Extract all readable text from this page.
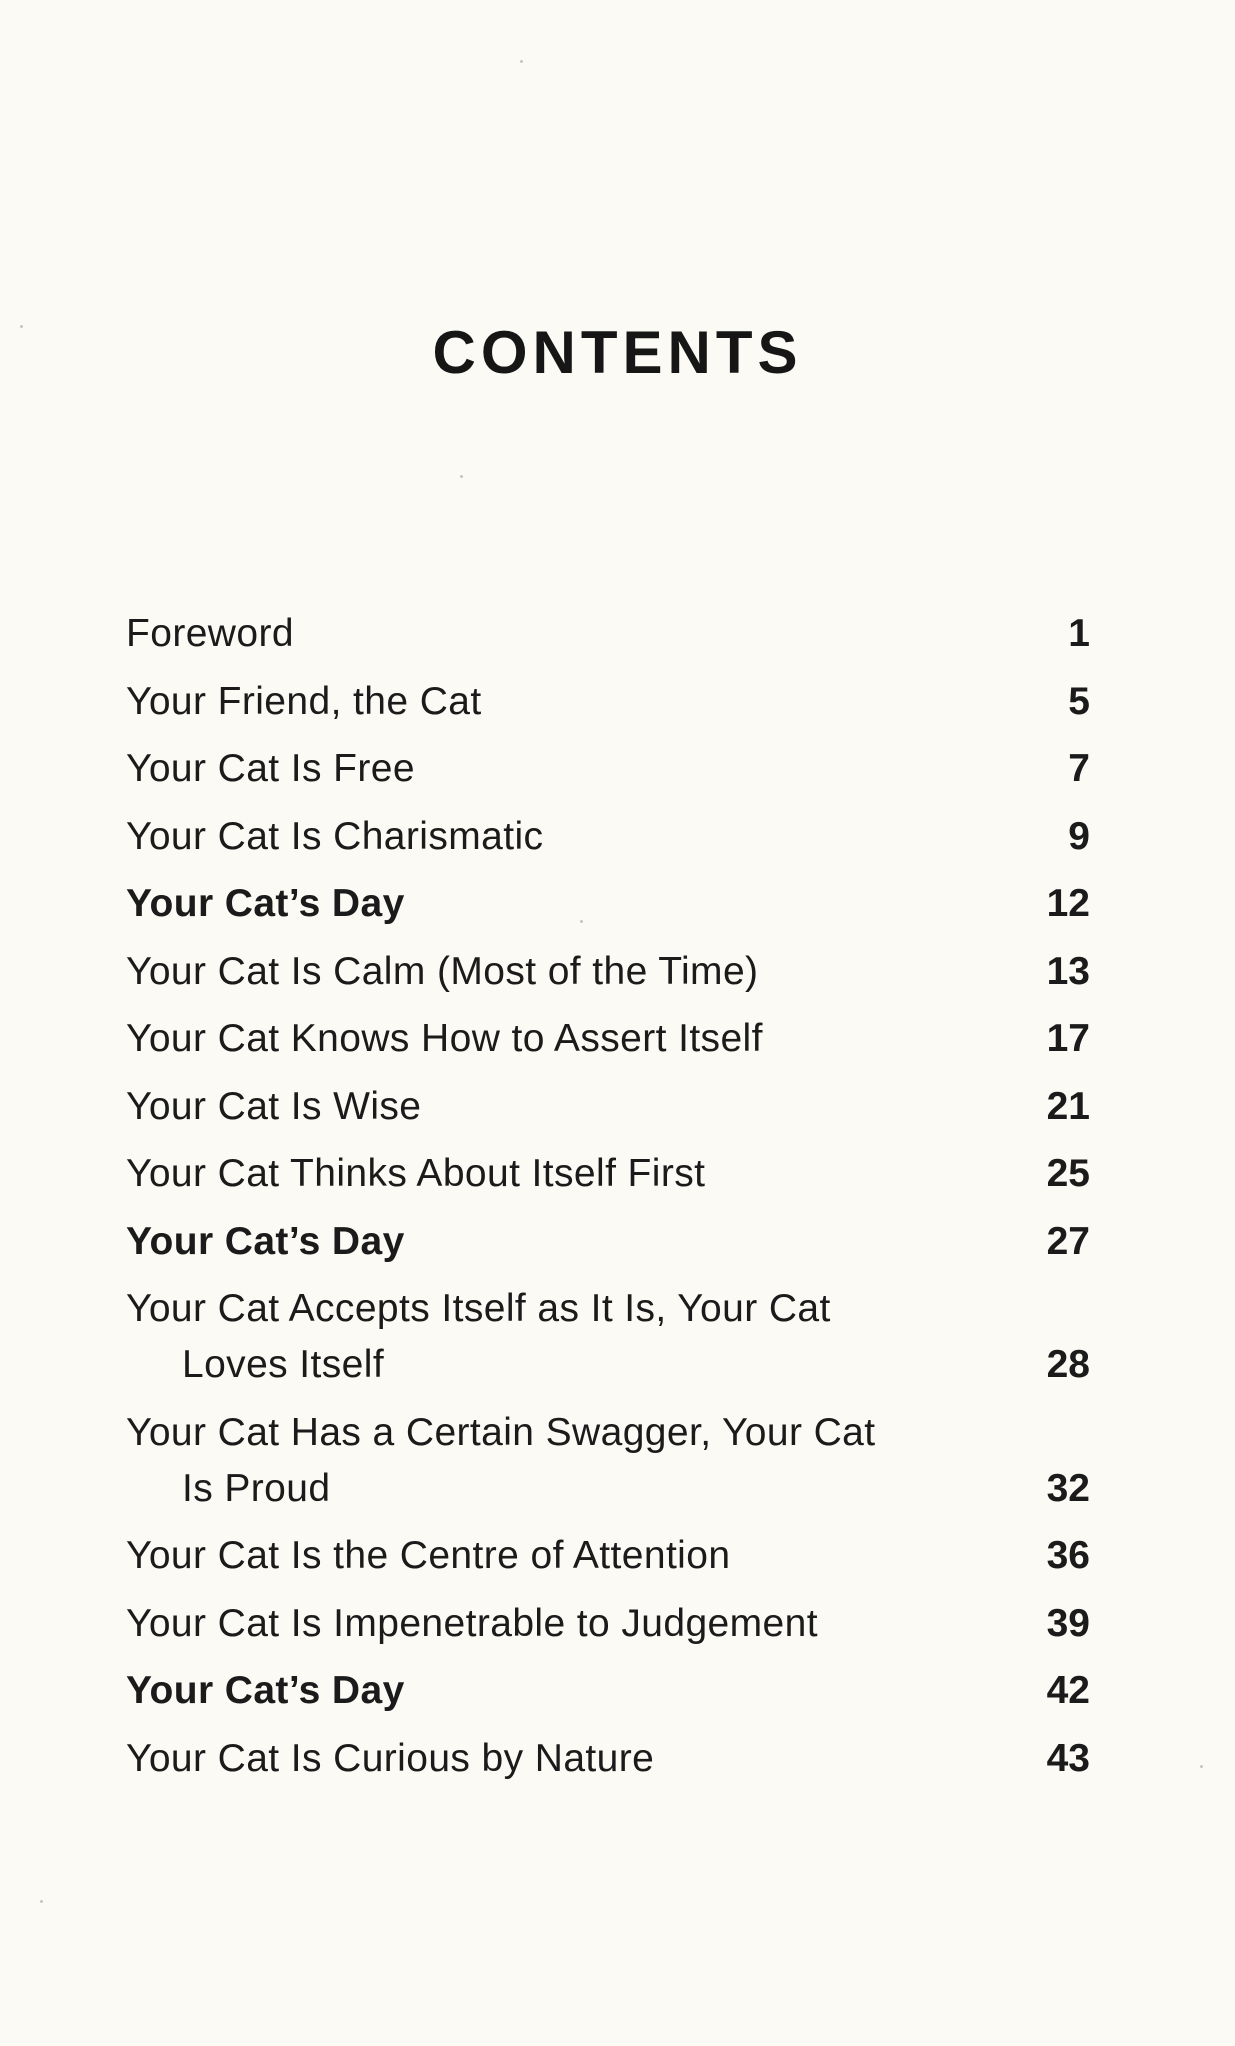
CONTENTS
Foreword	1
Your Friend, the Cat	5
Your Cat Is Free	7
Your Cat Is Charismatic	9
Your Cat’s Day	12
Your Cat Is Calm (Most of the Time)	13
Your Cat Knows How to Assert Itself	17
Your Cat Is Wise	21
Your Cat Thinks About Itself First	25
Your Cat’s Day	27
Your Cat Accepts Itself as It Is, Your Cat
Loves Itself	28
Your Cat Has a Certain Swagger, Your Cat
Is Proud	32
Your Cat Is the Centre of Attention	36
Your Cat Is Impenetrable to Judgement	39
Your Cat’s Day	42
Your Cat Is Curious by Nature	43
